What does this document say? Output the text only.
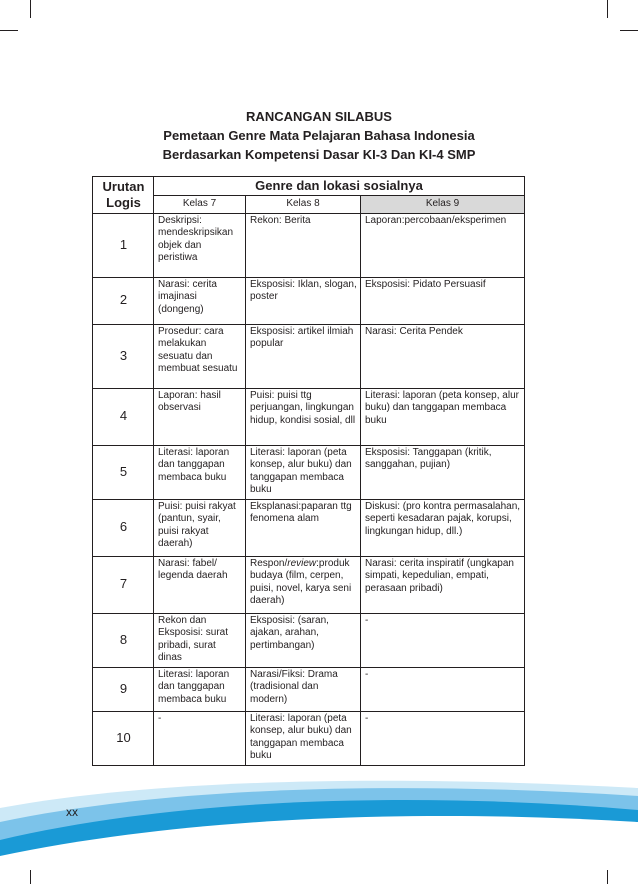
RANCANGAN SILABUS
Pemetaan Genre Mata Pelajaran Bahasa Indonesia
Berdasarkan Kompetensi Dasar KI-3 Dan KI-4 SMP
Urutan Logis	Genre dan lokasi sosialnya		
	Kelas 7	Kelas 8	Kelas 9
1	Deskripsi: mendeskripsikan objek dan peristiwa	Rekon: Berita	Laporan:percobaan/eksperimen
2	Narasi: cerita imajinasi (dongeng)	Eksposisi: Iklan, slogan, poster	Eksposisi: Pidato Persuasif
3	Prosedur: cara melakukan sesuatu dan membuat sesuatu	Eksposisi: artikel ilmiah popular	Narasi: Cerita Pendek
4	Laporan: hasil observasi	Puisi: puisi ttg perjuangan, lingkungan hidup, kondisi sosial, dll	Literasi: laporan (peta konsep, alur buku) dan tanggapan membaca buku
5	Literasi: laporan dan tanggapan membaca buku	Literasi: laporan (peta konsep, alur buku) dan tanggapan membaca buku	Eksposisi: Tanggapan (kritik, sanggahan, pujian)
6	Puisi: puisi rakyat (pantun, syair, puisi rakyat daerah)	Eksplanasi:paparan ttg fenomena alam	Diskusi: (pro kontra permasalahan, seperti kesadaran pajak, korupsi, lingkungan hidup, dll.)
7	Narasi: fabel/ legenda daerah	Respon/review:produk budaya (film, cerpen, puisi, novel, karya seni daerah)	Narasi: cerita inspiratif (ungkapan simpati, kepedulian, empati, perasaan pribadi)
8	Rekon dan Eksposisi: surat pribadi, surat dinas	Eksposisi: (saran, ajakan, arahan, pertimbangan)	-
9	Literasi: laporan dan tanggapan membaca buku	Narasi/Fiksi: Drama (tradisional dan modern)	-
10	-	Literasi: laporan (peta konsep, alur buku) dan tanggapan membaca buku	-
xx
